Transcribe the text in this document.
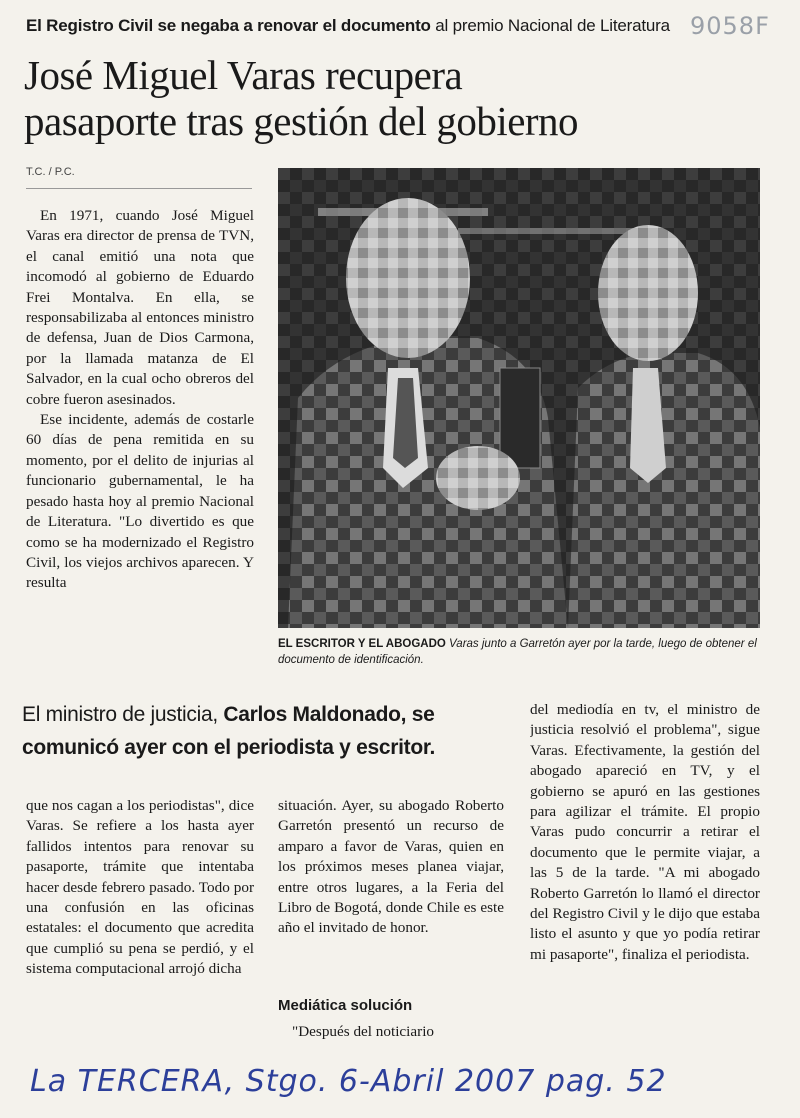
El Registro Civil se negaba a renovar el documento al premio Nacional de Literatura 9058F
José Miguel Varas recupera
pasaporte tras gestión del gobierno
T.C. / P.C.

En 1971, cuando José Miguel Varas era director de prensa de TVN, el canal emitió una nota que incomodó al gobierno de Eduardo Frei Montalva. En ella, se responsabilizaba al entonces ministro de defensa, Juan de Dios Carmona, por la llamada matanza de El Salvador, en la cual ocho obreros del cobre fueron asesinados.

Ese incidente, además de costarle 60 días de pena remitida en su momento, por el delito de injurias al funcionario gubernamental, le ha pesado hasta hoy al premio Nacional de Literatura. "Lo divertido es que como se ha modernizado el Registro Civil, los viejos archivos aparecen. Y resulta

EL ESCRITOR Y EL ABOGADO Varas junto a Garretón ayer por la tarde, luego de obtener el documento de identificación.
El ministro de justicia, Carlos Maldonado, se
comunicó ayer con el periodista y escritor.

que nos cagan a los periodistas", dice Varas. Se refiere a los hasta ayer fallidos intentos para renovar su pasaporte, trámite que intentaba hacer desde febrero pasado. Todo por una confusión en las oficinas estatales: el documento que acredita que cumplió su pena se perdió, y el sistema computacional arrojó dicha

situación. Ayer, su abogado Roberto Garretón presentó un recurso de amparo a favor de Varas, quien en los próximos meses planea viajar, entre otros lugares, a la Feria del Libro de Bogotá, donde Chile es este año el invitado de honor.

Mediática solución

"Después del noticiario

del mediodía en tv, el ministro de justicia resolvió el problema", sigue Varas. Efectivamente, la gestión del abogado apareció en TV, y el gobierno se apuró en las gestiones para agilizar el trámite. El propio Varas pudo concurrir a retirar el documento que le permite viajar, a las 5 de la tarde. "A mi abogado Roberto Garretón lo llamó el director del Registro Civil y le dijo que estaba listo el asunto y que yo podía retirar mi pasaporte", finaliza el periodista.

La TERCERA, Stgo. 6-Abril 2007 pag. 52
